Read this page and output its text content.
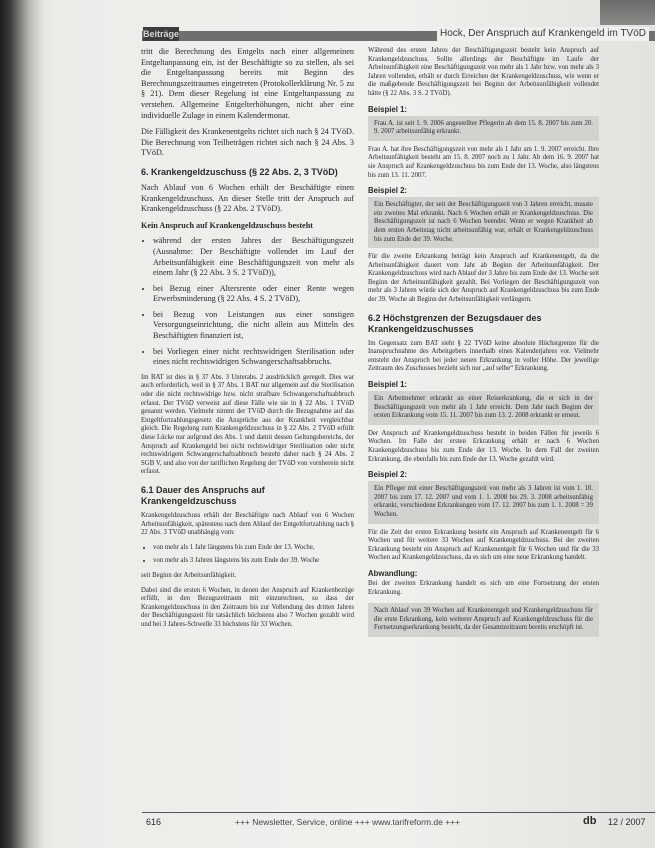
Beiträge	Hock, Der Anspruch auf Krankengeld im TVöD

tritt die Berechnung des Entgelts nach einer allgemeinen Entgeltanpassung ein, ist der Beschäftigte so zu stellen, als sei die Entgeltanpassung bereits mit Beginn des Berechnungszeitraumes eingetreten (Protokollerklärung Nr. 5 zu § 21). Dem dieser Regelung ist eine Entgeltanpassung zu verstehen. Allgemeine Entgelterhöhungen, nicht aber eine individuelle Zulage in einem Kalendermonat.

Die Fälligkeit des Krankenentgelts richtet sich nach § 24 TVöD. Die Berechnung von Teilbeträgen richtet sich nach § 24 Abs. 3 TVöD.

6. Krankengeldzuschuss (§ 22 Abs. 2, 3 TVöD)

Nach Ablauf von 6 Wochen erhält der Beschäftigte einen Krankengeldzuschuss. An dieser Stelle tritt der Anspruch auf Krankengeldzuschuss (§ 22 Abs. 2 TVöD).

Kein Anspruch auf Krankengeldzuschuss besteht

• während der ersten Jahres der Beschäftigungszeit (Ausnahme: Der Beschäftigte vollendet im Lauf der Arbeitsunfähigkeit eine Beschäftigungszeit von mehr als einem Jahr (§ 22 Abs. 3 S. 2 TVöD)),
• bei Bezug einer Altersrente oder einer Rente wegen Erwerbsminderung (§ 22 Abs. 4 S. 2 TVöD),
• bei Bezug von Leistungen aus einer sonstigen Versorgungseinrichtung, die nicht allein aus Mitteln des Beschäftigten finanziert ist,
• bei Vorliegen einer nicht rechtswidrigen Sterilisation oder eines nicht rechtswidrigen Schwangerschaftsabbruchs.

Im BAT ist dies in § 37 Abs. 3 Unterabs. 2 ausdrücklich geregelt. Dies war auch erforderlich, weil in § 37 Abs. 1 BAT nur allgemein auf die Sterilisation oder die nicht rechtswidrige bzw. nicht strafbare Schwangerschaftsabbruch erfasst. Der TVöD verweist auf diese Fälle wie sie in § 22 Abs. 1 TVöD genannt werden. Vielmehr nimmt der TVöD durch die Bezugnahme auf das Entgeltfortzahlungsgesetz die Ansprüche aus der Krankheit vergleichbar gleich. Die Regelung zum Krankengeldzuschuss in § 22 Abs. 2 TVöD erfüllt diese Lücke nur aufgrund des Abs. 1 und damit dessen Geltungsbereichs, der Anspruch auf Krankengeld bei nicht rechtswidriger Sterilisation oder nicht rechtswidrigem Schwangerschaftsabbruch besteht daher nach § 24 Abs. 2 SGB V, und also von der tariflichen Regelung der TVöD von vornherein nicht erfasst.

6.1 Dauer des Anspruchs auf Krankengeldzuschuss

Krankengeldzuschuss erhält der Beschäftigte nach Ablauf von 6 Wochen Arbeitsunfähigkeit, spätestens nach dem Ablauf der Entgeltfortzahlung nach § 22 Abs. 3 TVöD unabhängig vom:

• von mehr als 1 Jahr längstens bis zum Ende der 13. Woche,
• von mehr als 3 Jahren längstens bis zum Ende der 39. Woche

seit Beginn der Arbeitsunfähigkeit.

Dabei sind die ersten 6 Wochen, in denen der Anspruch auf Krankenbezüge erfüllt, in den Bezugszeitraum mit einzurechnen, so dass der Krankengeldzuschuss in den Zeitraum bis zur Vollendung des dritten Jahres der Beschäftigungszeit für tatsächlich höchstens also 7 Wochen gezahlt wird und bei 3 Jahres-Schwelle 33 höchstens für 33 Wochen.

Während des ersten Jahres der Beschäftigungszeit besteht kein Anspruch auf Krankengeldzuschuss. Sollte allerdings der Beschäftigte im Laufe der Arbeitsunfähigkeit eine Beschäftigungszeit von mehr als 1 Jahr bzw. von mehr als 3 Jahren vollenden, erhält er durch Erreichen der Krankengeldzuschuss, wie wenn er die maßgebende Beschäftigungszeit bei Beginn der Arbeitsunfähigkeit vollendet hätte (§ 22 Abs. 3 S. 2 TVöD).

Beispiel 1:
Frau A. ist seit 1. 9. 2006 angestellter Pflegerin ab dem 15. 8. 2007 bis zum 20. 9. 2007 arbeitsunfähig erkrankt.

Frau A. hat ihre Beschäftigungszeit von mehr als 1 Jahr am 1. 9. 2007 erreicht. Ihre Arbeitsunfähigkeit besteht am 15. 8. 2007 noch zu 1 Jahr. Ab dem 16. 9. 2007 hat sie Anspruch auf Krankengeldzuschuss bis zum Ende der 13. Woche, also längstens bis zum 13. 11. 2007.

Beispiel 2:
Ein Beschäftigter, der seit der Beschäftigungszeit von 3 Jahren erreicht, musste ein zweites Mal erkrankt. Nach 6 Wochen erhält er Krankengeldzuschuss. Die Beschäftigungszeit ist nach 6 Wochen beendet. Wenn er wegen Krankheit ab dem ersten Arbeitstag nicht arbeitsunfähig war, erhält er Krankengeldzuschuss bis zum Ende der 39. Woche.

Für die zweite Erkrankung beträgt kein Anspruch auf Krankenentgelt, da die Arbeitsunfähigkeit dauert vom Jahr ab Beginn der Arbeitsunfähigkeit. Der Krankengeldzuschuss wird nach Ablauf der 3 Jahre bis zum Ende der 13. Woche seit Beginn der Arbeitsunfähigkeit gezahlt. Bei Vorliegen der Beschäftigungszeit von mehr als 3 Jahren würde sich der Anspruch auf Krankengeldzuschuss bis zum Ende der 39. Woche ab Beginn der Arbeitsunfähigkeit verlängern.

6.2 Höchstgrenzen der Bezugsdauer des Krankengeldzuschusses

Im Gegensatz zum BAT sieht § 22 TVöD keine absolute Höchstgrenze für die Inanspruchnahme des Arbeitgebers innerhalb eines Kalenderjahres vor. Vielmehr entsteht der Anspruch bei jeder neuen Erkrankung in voller Höhe. Der jeweilige Zeitraum des Zuschusses bezieht sich nur „auf selbe“ Erkrankung.

Beispiel 1:
Ein Arbeitnehmer erkrankt an einer Reiserkrankung, die er sich in der Beschäftigungszeit von mehr als 1 Jahr erreicht. Dem Jahr nach Beginn der ersten Erkrankung vom 15. 11. 2007 bis zum 13. 2. 2008 erkrankt er erneut.

Der Anspruch auf Krankengeldzuschuss besteht in beiden Fällen für jeweils 6 Wochen. Im Falle der ersten Erkrankung erhält er nach 6 Wochen Krankengeldzuschuss bis zum Ende der 13. Woche. In dem Fall der zweiten Erkrankung, die ebenfalls bis zum Ende der 13. Woche gezahlt wird.

Beispiel 2:
Ein Pfleger mit einer Beschäftigungszeit von mehr als 3 Jahren ist vom 1. 10. 2007 bis zum 17. 12. 2007 und vom 1. 1. 2008 bis 29. 3. 2008 arbeitsunfähig erkrankt, verschiedene Erkrankungen vom 17. 12. 2007 bis zum 1. 1. 2008 = 39 Wochen.

Für die Zeit der ersten Erkrankung besteht ein Anspruch auf Krankenentgelt für 6 Wochen und für weitere 33 Wochen auf Krankengeldzuschuss. Bei der zweiten Erkrankung besteht ein Anspruch auf Krankenentgelt für 6 Wochen und für die 33 Wochen auf Krankengeldzuschuss, da es sich um eine neue Erkrankung handelt.

Abwandlung:

Bei der zweiten Erkrankung handelt es sich um eine Fortsetzung der ersten Erkrankung.

Nach Ablauf von 39 Wochen auf Krankenentgelt und Krankengeldzuschuss für die erste Erkrankung, kein weiterer Anspruch auf Krankengeldzuschuss für die Fortsetzungserkrankung besteht, da der Gesamtzeitraum bereits erschöpft ist.
616	+++ Newsletter, Service, online +++ www.tarifreform.de +++	db 12 / 2007
